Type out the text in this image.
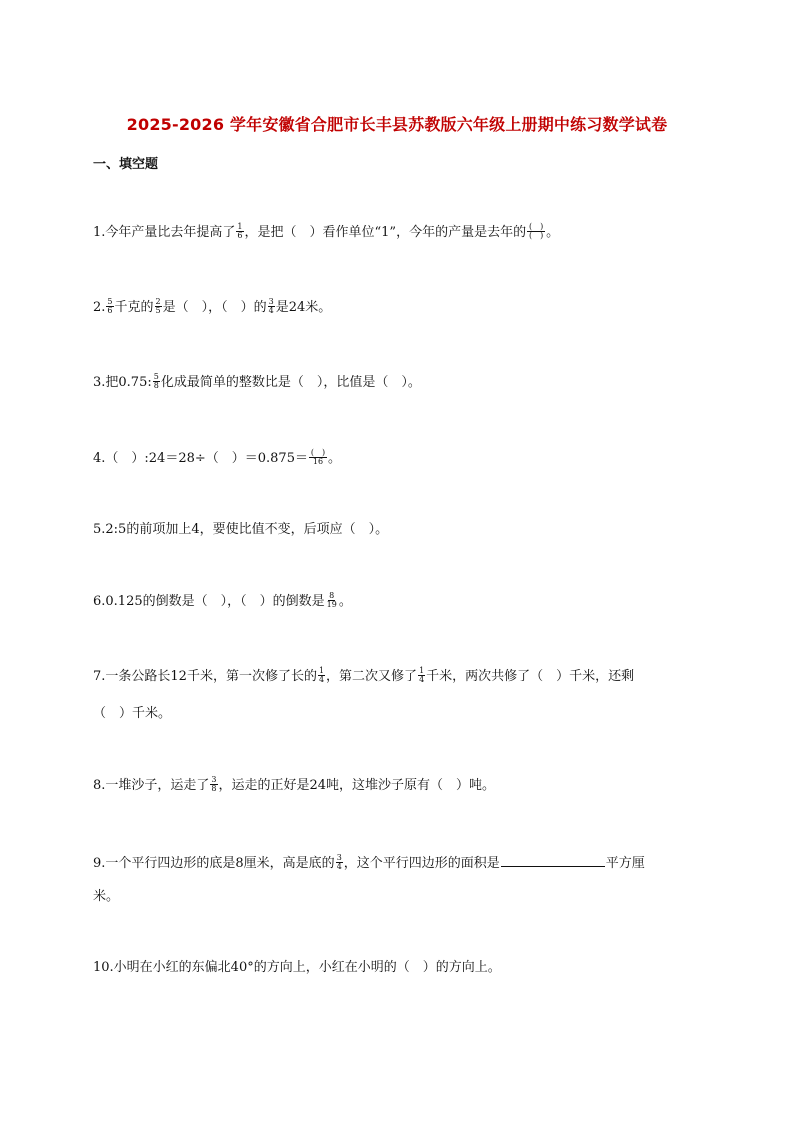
2025-2026 学年安徽省合肥市长丰县苏教版六年级上册期中练习数学试卷
一、填空题
1.今年产量比去年提高了 $\frac{1}{6}$ ，是把（　）看作单位“1”，今年的产量是去年的 $\frac{( )}{( )}$ 。
2. $\frac{5}{6}$ 千克的 $\frac{2}{5}$ 是（　），（　）的 $\frac{3}{4}$ 是24米。
3.把0.75: $\frac{5}{8}$ 化成最简单的整数比是（　），比值是（　）。
4.（　）:24＝28÷（　）$=0.875= \frac{( )}{16}$ 。
5.2:5的前项加上4，要使比值不变，后项应（　）。
6.0.125的倒数是（　），（　）的倒数是 $\frac{8}{19}$ 。
7.一条公路长12千米，第一次修了长的 $\frac{1}{4}$ ，第二次又修了 $\frac{1}{4}$ 千米，两次共修了（　）千米，还剩
（　）千米。
8.一堆沙子，运走了 $\frac{3}{8}$ ，运走的正好是24吨，这堆沙子原有（　）吨。
9.一个平行四边形的底是8厘米，高是底的 $\frac{3}{4}$ ，这个平行四边形的面积是	平方厘
米。
10.小明在小红的东偏北40°的方向上，小红在小明的（　）的方向上。
